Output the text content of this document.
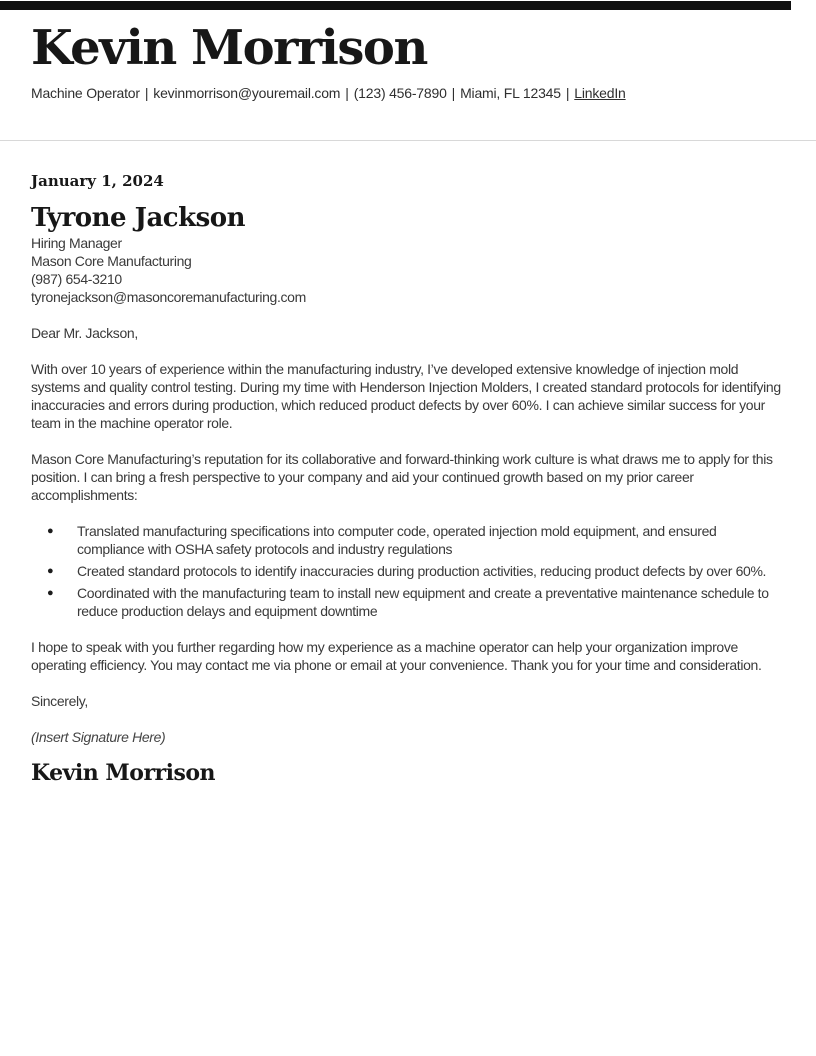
Kevin Morrison
Machine Operator | kevinmorrison@youremail.com | (123) 456-7890 | Miami, FL 12345 | LinkedIn

January 1, 2024

Tyrone Jackson

Hiring Manager

Mason Core Manufacturing

(987) 654-3210

tyronejackson@masoncoremanufacturing.com

Dear Mr. Jackson,

With over 10 years of experience within the manufacturing industry, I’ve developed extensive knowledge of injection mold systems and quality control testing. During my time with Henderson Injection Molders, I created standard protocols for identifying inaccuracies and errors during production, which reduced product defects by over 60%. I can achieve similar success for your team in the machine operator role.

Mason Core Manufacturing’s reputation for its collaborative and forward-thinking work culture is what draws me to apply for this position. I can bring a fresh perspective to your company and aid your continued growth based on my prior career accomplishments:

● Translated manufacturing specifications into computer code, operated injection mold equipment, and ensured compliance with OSHA safety protocols and industry regulations
● Created standard protocols to identify inaccuracies during production activities, reducing product defects by over 60%.
● Coordinated with the manufacturing team to install new equipment and create a preventative maintenance schedule to reduce production delays and equipment downtime

I hope to speak with you further regarding how my experience as a machine operator can help your organization improve operating efficiency. You may contact me via phone or email at your convenience. Thank you for your time and consideration.

Sincerely,

(Insert Signature Here)

Kevin Morrison
